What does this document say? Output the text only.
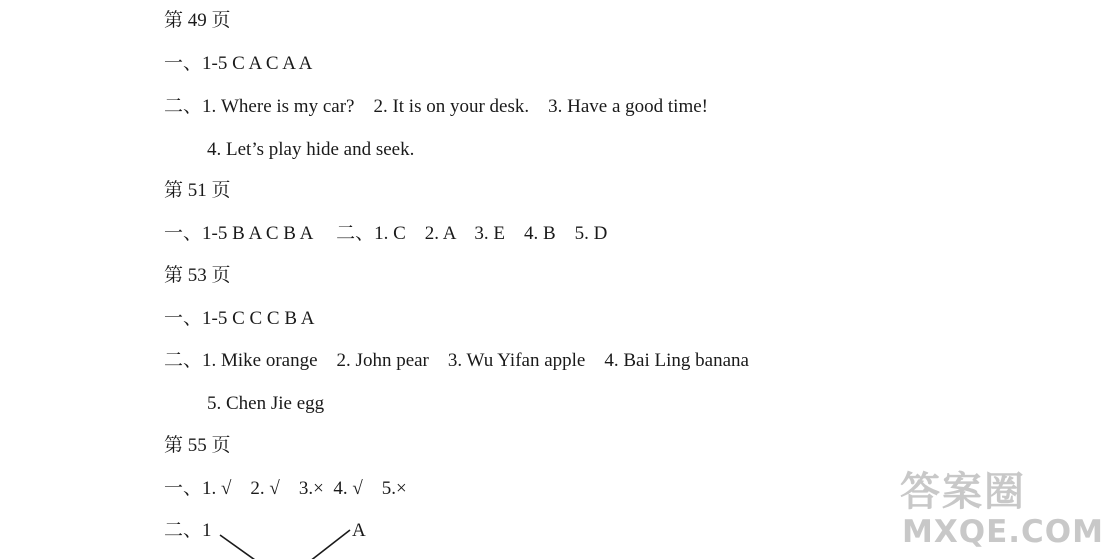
第 49 页
一、1-5 C A C A A
二、1. Where is my car?    2. It is on your desk.    3. Have a good time!
4. Let’s play hide and seek.
第 51 页
一、1-5 B A C B A     二、1. C    2. A    3. E    4. B    5. D
第 53 页
一、1-5 C C C B A
二、1. Mike orange    2. John pear    3. Wu Yifan apple    4. Bai Ling banana
5. Chen Jie egg
第 55 页
一、1. √    2. √    3.×  4. √    5.×
二、1	A
答案圈
MXQE.COM
